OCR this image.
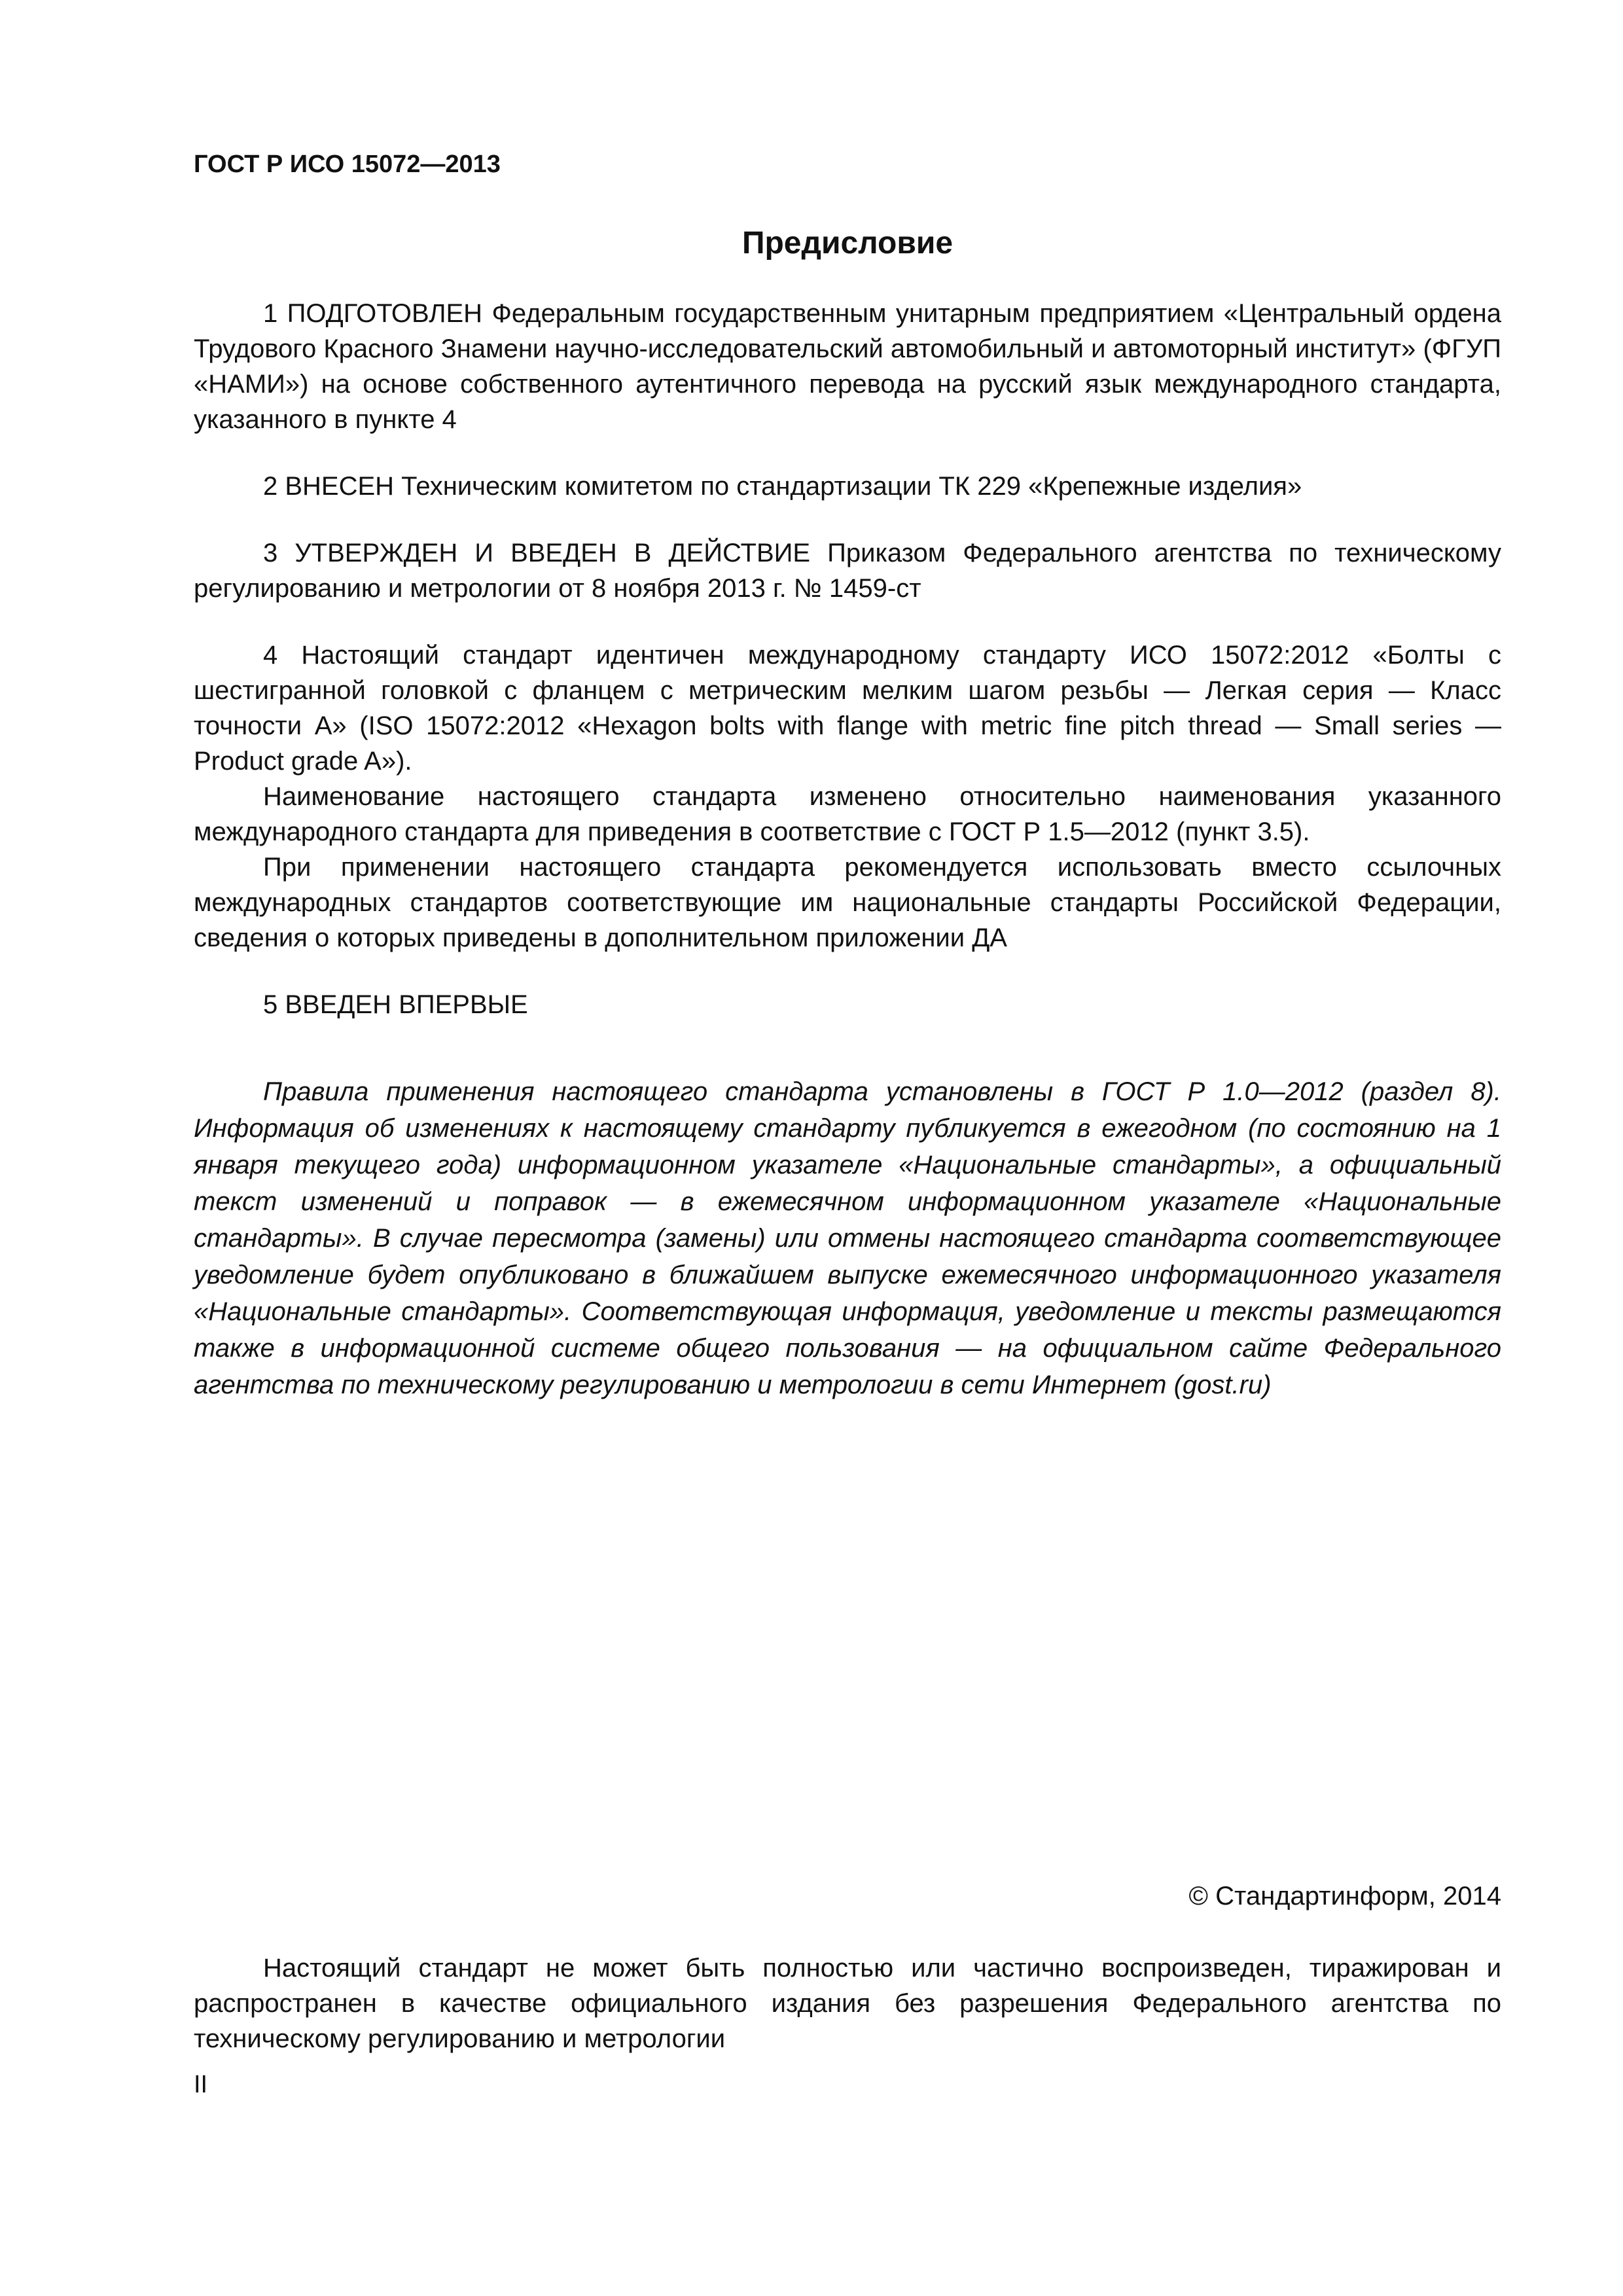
ГОСТ Р ИСО 15072—2013
Предисловие

1 ПОДГОТОВЛЕН Федеральным государственным унитарным предприятием «Центральный ордена Трудового Красного Знамени научно-исследовательский автомобильный и автомоторный институт» (ФГУП «НАМИ») на основе собственного аутентичного перевода на русский язык международного стандарта, указанного в пункте 4

2 ВНЕСЕН Техническим комитетом по стандартизации ТК 229 «Крепежные изделия»

3 УТВЕРЖДЕН И ВВЕДЕН В ДЕЙСТВИЕ Приказом Федерального агентства по техническому регулированию и метрологии от 8 ноября 2013 г. № 1459-ст

4 Настоящий стандарт идентичен международному стандарту ИСО 15072:2012 «Болты с шестигранной головкой с фланцем с метрическим мелким шагом резьбы — Легкая серия — Класс точности А» (ISO 15072:2012 «Hexagon bolts with flange with metric fine pitch thread — Small series — Product grade A»).

Наименование настоящего стандарта изменено относительно наименования указанного международного стандарта для приведения в соответствие с ГОСТ Р 1.5—2012 (пункт 3.5).

При применении настоящего стандарта рекомендуется использовать вместо ссылочных международных стандартов соответствующие им национальные стандарты Российской Федерации, сведения о которых приведены в дополнительном приложении ДА

5 ВВЕДЕН ВПЕРВЫЕ

Правила применения настоящего стандарта установлены в ГОСТ Р 1.0—2012 (раздел 8). Информация об изменениях к настоящему стандарту публикуется в ежегодном (по состоянию на 1 января текущего года) информационном указателе «Национальные стандарты», а официальный текст изменений и поправок — в ежемесячном информационном указателе «Национальные стандарты». В случае пересмотра (замены) или отмены настоящего стандарта соответствующее уведомление будет опубликовано в ближайшем выпуске ежемесячного информационного указателя «Национальные стандарты». Соответствующая информация, уведомление и тексты размещаются также в информационной системе общего пользования — на официальном сайте Федерального агентства по техническому регулированию и метрологии в сети Интернет (gost.ru)

© Стандартинформ, 2014

Настоящий стандарт не может быть полностью или частично воспроизведен, тиражирован и распространен в качестве официального издания без разрешения Федерального агентства по техническому регулированию и метрологии

II
